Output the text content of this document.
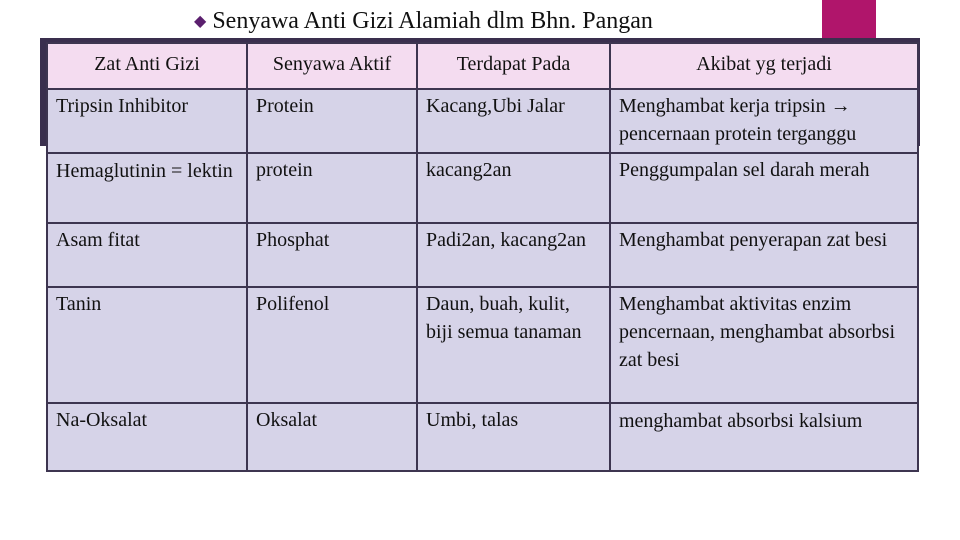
◆ Senyawa Anti Gizi Alamiah dlm Bhn. Pangan
Zat Anti Gizi	Senyawa Aktif	Terdapat Pada	Akibat yg terjadi
Tripsin Inhibitor	Protein	Kacang,Ubi Jalar	Menghambat kerja tripsin → pencernaan protein terganggu
Hemaglutinin = lektin	protein	kacang2an	Penggumpalan sel darah merah
Asam fitat	Phosphat	Padi2an, kacang2an	Menghambat penyerapan zat besi
Tanin	Polifenol	Daun, buah, kulit, biji semua tanaman	Menghambat aktivitas enzim pencernaan, menghambat absorbsi zat besi
Na-Oksalat	Oksalat	Umbi, talas	menghambat absorbsi kalsium
